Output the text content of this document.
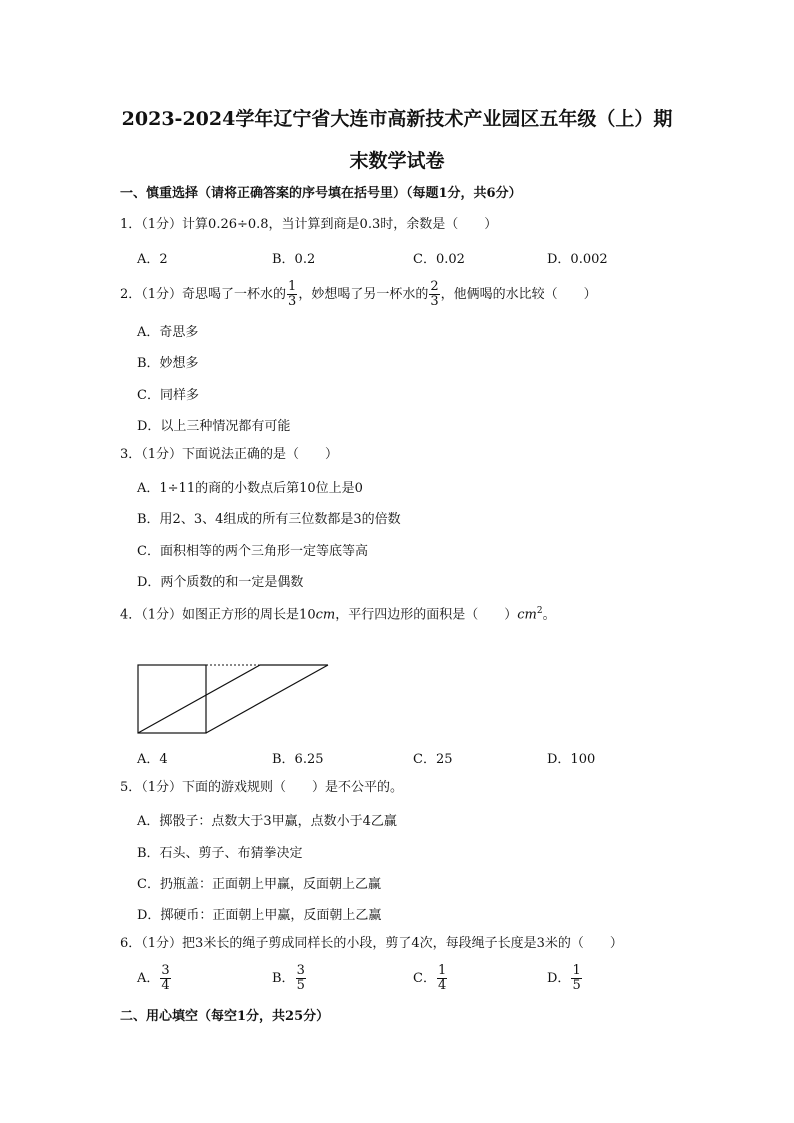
2023-2024学年辽宁省大连市高新技术产业园区五年级（上）期
末数学试卷
一、慎重选择（请将正确答案的序号填在括号里）（每题1分，共6分）
1．（1分）计算0.26÷0.8，当计算到商是0.3时，余数是（　　）
A．2	B．0.2	C．0.02	D．0.002
2．（1分）奇思喝了一杯水的 $\frac{1}{3}$ ，妙想喝了另一杯水的 $\frac{2}{3}$ ，他俩喝的水比较（　　）
A．奇思多
B．妙想多
C．同样多
D．以上三种情况都有可能
3．（1分）下面说法正确的是（　　）
A．1÷11的商的小数点后第10位上是0
B．用2、3、4组成的所有三位数都是3的倍数
C．面积相等的两个三角形一定等底等高
D．两个质数的和一定是偶数
4．（1分）如图正方形的周长是10cm，平行四边形的面积是（　　）$cm^2$。
A．4	B．6.25	C．25	D．100
5．（1分）下面的游戏规则（　　）是不公平的。
A．掷骰子：点数大于3甲赢，点数小于4乙赢
B．石头、剪子、布猜拳决定
C．扔瓶盖：正面朝上甲赢，反面朝上乙赢
D．掷硬币：正面朝上甲赢，反面朝上乙赢
6．（1分）把3米长的绳子剪成同样长的小段，剪了4次，每段绳子长度是3米的（　　）
A． $\frac{3}{4}$	B． $\frac{3}{5}$	C． $\frac{1}{4}$	D． $\frac{1}{5}$
二、用心填空（每空1分，共25分）
